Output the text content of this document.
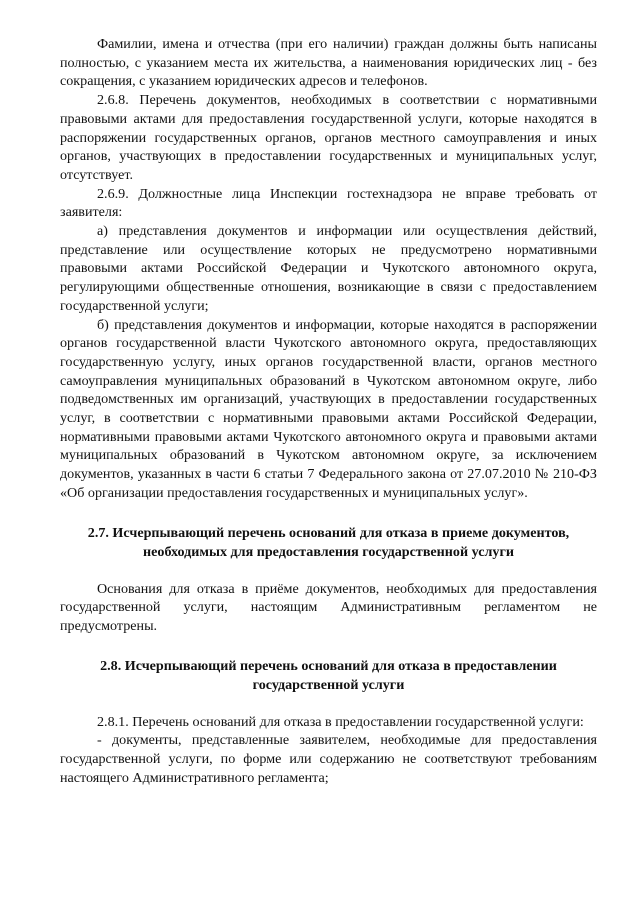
Фамилии, имена и отчества (при его наличии) граждан должны быть написаны полностью, с указанием места их жительства, а наименования юридических лиц - без сокращения, с указанием юридических адресов и телефонов.

2.6.8. Перечень документов, необходимых в соответствии с нормативными правовыми актами для предоставления государственной услуги, которые находятся в распоряжении государственных органов, органов местного самоуправления и иных органов, участвующих в предоставлении государственных и муниципальных услуг, отсутствует.

2.6.9. Должностные лица Инспекции гостехнадзора не вправе требовать от заявителя:

а) представления документов и информации или осуществления действий, представление или осуществление которых не предусмотрено нормативными правовыми актами Российской Федерации и Чукотского автономного округа, регулирующими общественные отношения, возникающие в связи с предоставлением государственной услуги;

б) представления документов и информации, которые находятся в распоряжении органов государственной власти Чукотского автономного округа, предоставляющих государственную услугу, иных органов государственной власти, органов местного самоуправления муниципальных образований в Чукотском автономном округе, либо подведомственных им организаций, участвующих в предоставлении государственных услуг, в соответствии с нормативными правовыми актами Российской Федерации, нормативными правовыми актами Чукотского автономного округа и правовыми актами муниципальных образований в Чукотском автономном округе, за исключением документов, указанных в части 6 статьи 7 Федерального закона от 27.07.2010 № 210-ФЗ «Об организации предоставления государственных и муниципальных услуг».

2.7. Исчерпывающий перечень оснований для отказа в приеме документов, необходимых для предоставления государственной услуги

Основания для отказа в приёме документов, необходимых для предоставления государственной услуги, настоящим Административным регламентом не предусмотрены.

2.8. Исчерпывающий перечень оснований для отказа в предоставлении государственной услуги

2.8.1. Перечень оснований для отказа в предоставлении государственной услуги:

- документы, представленные заявителем, необходимые для предоставления государственной услуги, по форме или содержанию не соответствуют требованиям настоящего Административного регламента;
